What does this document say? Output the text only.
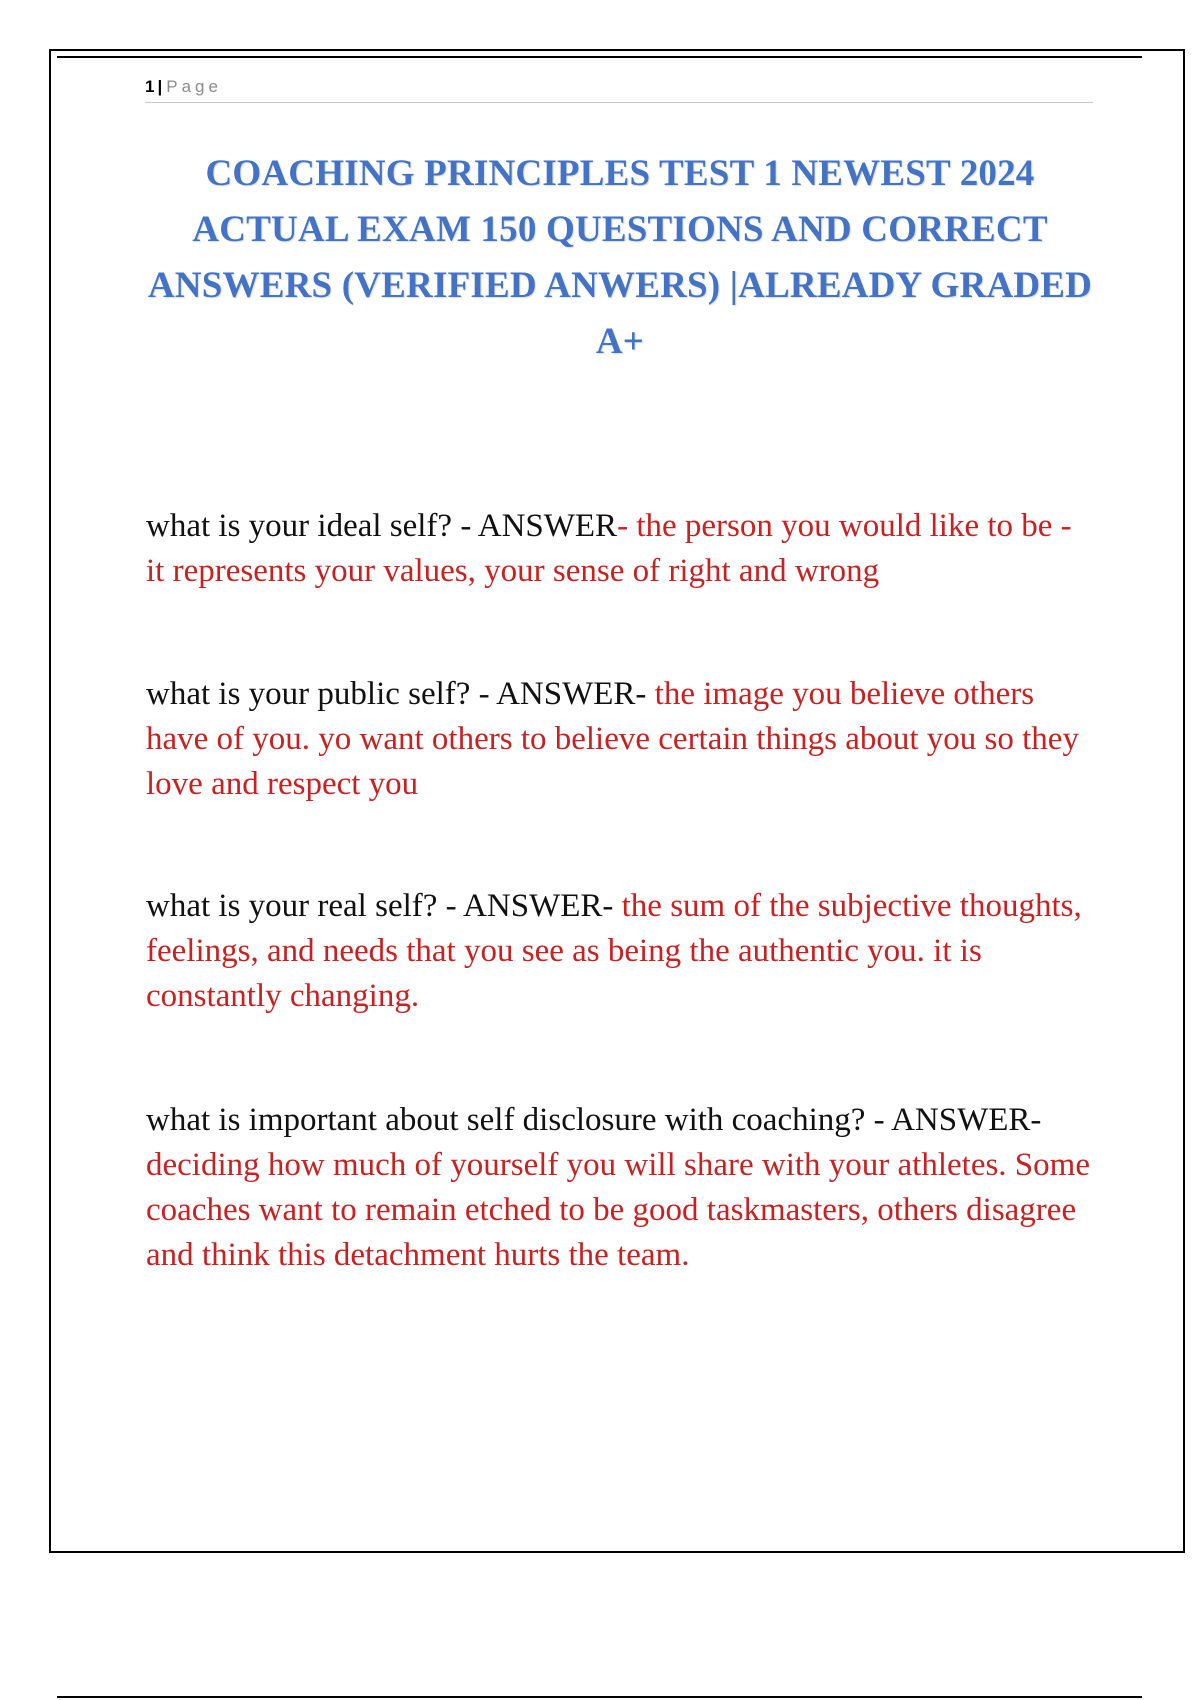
1 | Page
COACHING PRINCIPLES TEST 1 NEWEST 2024 ACTUAL EXAM 150 QUESTIONS AND CORRECT ANSWERS (VERIFIED ANWERS) |ALREADY GRADED A+

what is your ideal self? - ANSWER- the person you would like to be - it represents your values, your sense of right and wrong

what is your public self? - ANSWER- the image you believe others have of you. yo want others to believe certain things about you so they love and respect you

what is your real self? - ANSWER- the sum of the subjective thoughts, feelings, and needs that you see as being the authentic you. it is constantly changing.

what is important about self disclosure with coaching? - ANSWER- deciding how much of yourself you will share with your athletes. Some coaches want to remain etched to be good taskmasters, others disagree and think this detachment hurts the team.
